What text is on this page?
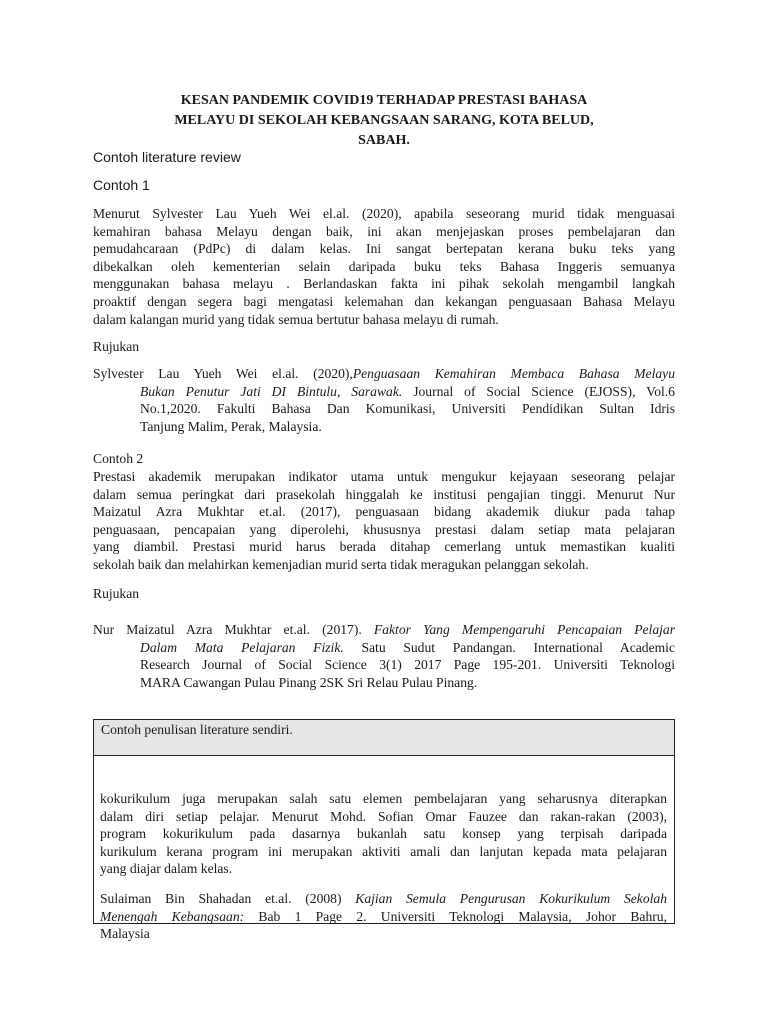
KESAN PANDEMIK COVID19 TERHADAP PRESTASI BAHASA
MELAYU DI SEKOLAH KEBANGSAAN SARANG, KOTA BELUD,
SABAH.
Contoh literature review
Contoh 1
Menurut Sylvester Lau Yueh Wei el.al. (2020), apabila seseorang murid tidak menguasai
kemahiran bahasa Melayu dengan baik, ini akan menjejaskan proses pembelajaran dan
pemudahcaraan (PdPc) di dalam kelas. Ini sangat bertepatan kerana buku teks yang
dibekalkan oleh kementerian selain daripada buku teks Bahasa Inggeris semuanya
menggunakan bahasa melayu . Berlandaskan fakta ini pihak sekolah mengambil langkah
proaktif dengan segera bagi mengatasi kelemahan dan kekangan penguasaan Bahasa Melayu
dalam kalangan murid yang tidak semua bertutur bahasa melayu di rumah.
Rujukan
Sylvester Lau Yueh Wei el.al. (2020),Penguasaan Kemahiran Membaca Bahasa Melayu
Bukan Penutur Jati DI Bintulu, Sarawak. Journal of Social Science (EJOSS), Vol.6
No.1,2020. Fakulti Bahasa Dan Komunikasi, Universiti Pendidikan Sultan Idris
Tanjung Malim, Perak, Malaysia.
Contoh 2
Prestasi akademik merupakan indikator utama untuk mengukur kejayaan seseorang pelajar
dalam semua peringkat dari prasekolah hinggalah ke institusi pengajian tinggi. Menurut Nur
Maizatul Azra Mukhtar et.al. (2017), penguasaan bidang akademik diukur pada tahap
penguasaan, pencapaian yang diperolehi, khususnya prestasi dalam setiap mata pelajaran
yang diambil. Prestasi murid harus berada ditahap cemerlang untuk memastikan kualiti
sekolah baik dan melahirkan kemenjadian murid serta tidak meragukan pelanggan sekolah.
Rujukan
Nur Maizatul Azra Mukhtar et.al. (2017). Faktor Yang Mempengaruhi Pencapaian Pelajar
Dalam Mata Pelajaran Fizik. Satu Sudut Pandangan. International Academic
Research Journal of Social Science 3(1) 2017 Page 195-201. Universiti Teknologi
MARA Cawangan Pulau Pinang 2SK Sri Relau Pulau Pinang.
Contoh penulisan literature sendiri.
kokurikulum juga merupakan salah satu elemen pembelajaran yang seharusnya diterapkan
dalam diri setiap pelajar. Menurut Mohd. Sofian Omar Fauzee dan rakan-rakan (2003),
program kokurikulum pada dasarnya bukanlah satu konsep yang terpisah daripada
kurikulum kerana program ini merupakan aktiviti amali dan lanjutan kepada mata pelajaran
yang diajar dalam kelas.
Sulaiman Bin Shahadan et.al. (2008) Kajian Semula Pengurusan Kokurikulum Sekolah
Menengah Kebangsaan: Bab 1 Page 2. Universiti Teknologi Malaysia, Johor Bahru,
Malaysia
